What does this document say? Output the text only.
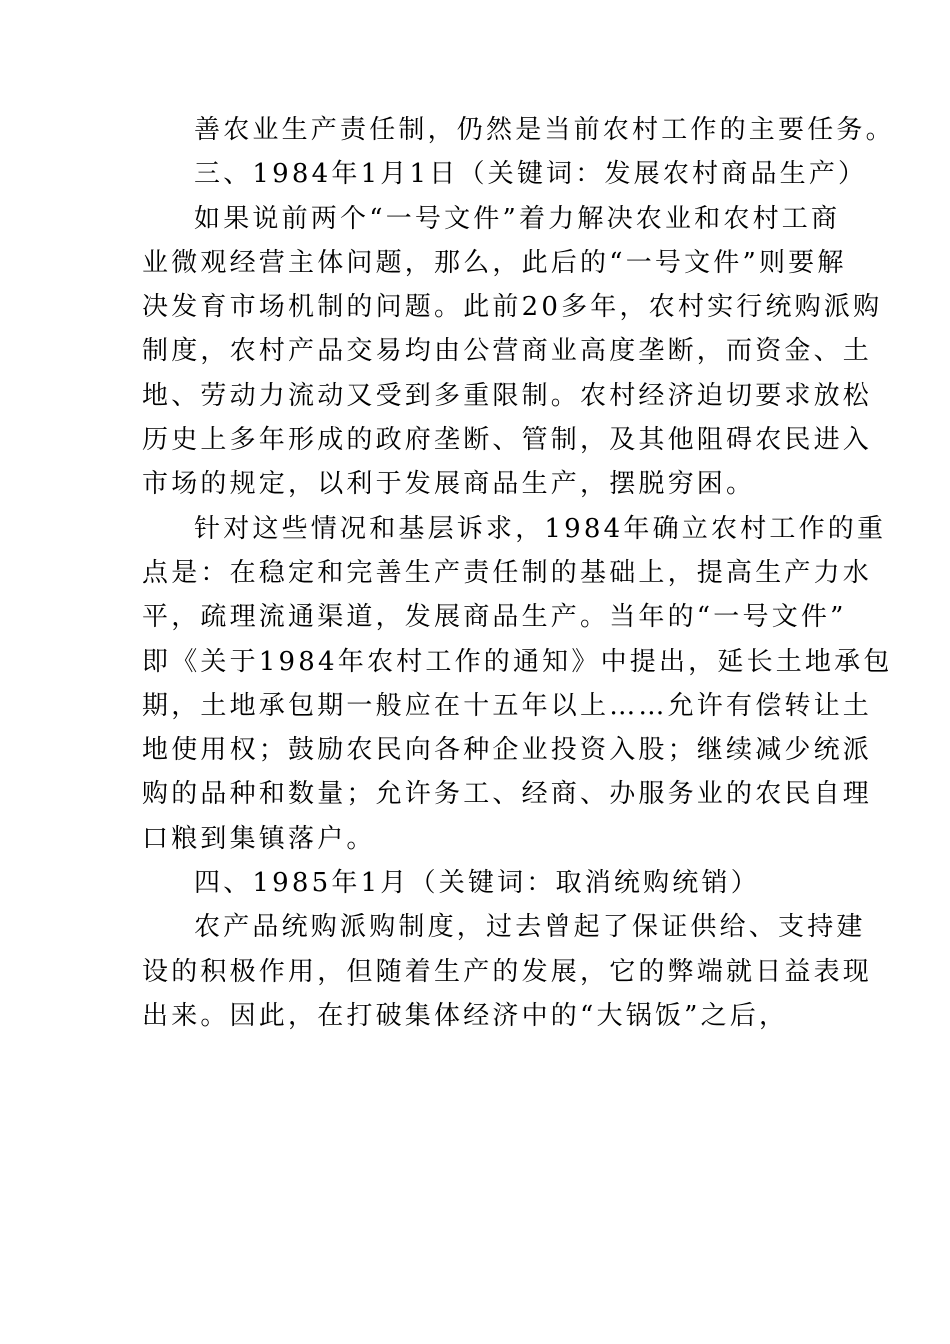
善农业生产责任制，仍然是当前农村工作的主要任务。
三、1984年1月1日（关键词：发展农村商品生产）
如果说前两个“一号文件”着力解决农业和农村工商
业微观经营主体问题，那么，此后的“一号文件”则要解
决发育市场机制的问题。此前20多年，农村实行统购派购
制度，农村产品交易均由公营商业高度垄断，而资金、土
地、劳动力流动又受到多重限制。农村经济迫切要求放松
历史上多年形成的政府垄断、管制，及其他阻碍农民进入
市场的规定，以利于发展商品生产，摆脱穷困。
针对这些情况和基层诉求，1984年确立农村工作的重
点是：在稳定和完善生产责任制的基础上，提高生产力水
平，疏理流通渠道，发展商品生产。当年的“一号文件”
即《关于1984年农村工作的通知》中提出，延长土地承包
期，土地承包期一般应在十五年以上……允许有偿转让土
地使用权；鼓励农民向各种企业投资入股；继续减少统派
购的品种和数量；允许务工、经商、办服务业的农民自理
口粮到集镇落户。
四、1985年1月（关键词：取消统购统销）
农产品统购派购制度，过去曾起了保证供给、支持建
设的积极作用，但随着生产的发展，它的弊端就日益表现
出来。因此，在打破集体经济中的“大锅饭”之后，
